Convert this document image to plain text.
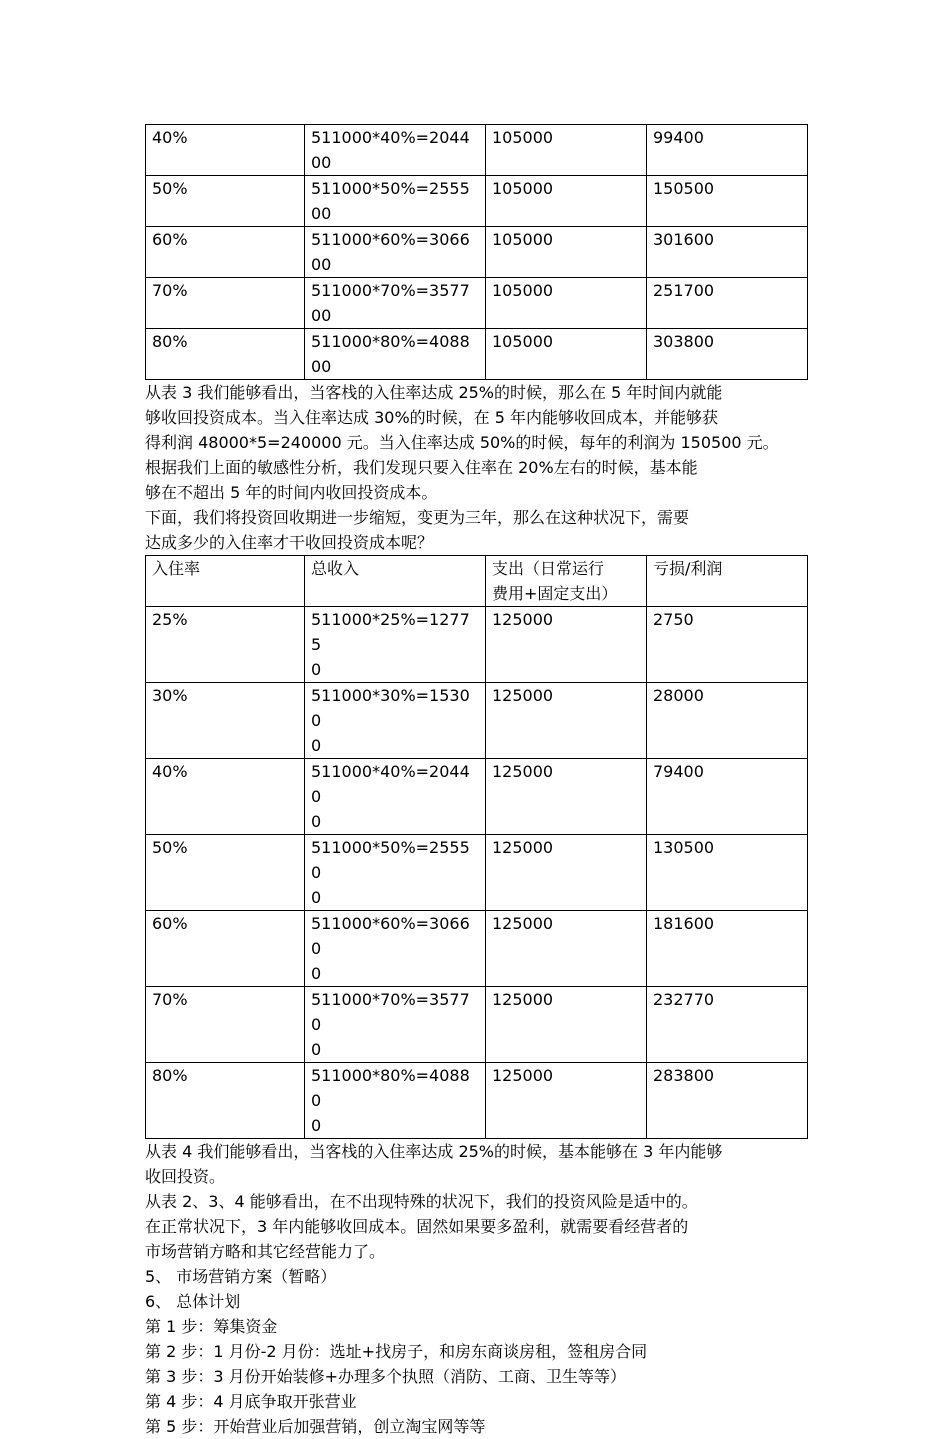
40%	511000*40%=204400	105000	99400
50%	511000*50%=255500	105000	150500
60%	511000*60%=306600	105000	301600
70%	511000*70%=357700	105000	251700
80%	511000*80%=408800	105000	303800

从表 3 我们能够看出，当客栈的入住率达成 25%的时候，那么在 5 年时间内就能

够收回投资成本。当入住率达成 30%的时候，在 5 年内能够收回成本，并能够获

得利润 48000*5=240000 元。当入住率达成 50%的时候，每年的利润为 150500 元。

根据我们上面的敏感性分析，我们发现只要入住率在 20%左右的时候，基本能

够在不超出 5 年的时间内收回投资成本。

下面，我们将投资回收期进一步缩短，变更为三年，那么在这种状况下，需要

达成多少的入住率才干收回投资成本呢？

入住率	总收入	支出（日常运行
费用+固定支出）	亏损/利润

25%	511000*25%=12775
0	125000	2750

30%	511000*30%=15300
0	125000	28000

40%	511000*40%=20440
0	125000	79400

50%	511000*50%=25550
0	125000	130500

60%	511000*60%=30660
0	125000	181600

70%	511000*70%=35770
0	125000	232770

80%	511000*80%=40880
0	125000	283800

从表 4 我们能够看出，当客栈的入住率达成 25%的时候，基本能够在 3 年内能够

收回投资。

从表 2、3、4 能够看出，在不出现特殊的状况下，我们的投资风险是适中的。

在正常状况下，3 年内能够收回成本。固然如果要多盈利，就需要看经营者的

市场营销方略和其它经营能力了。

5、 市场营销方案（暂略）

6、 总体计划

第 1 步：筹集资金

第 2 步：1 月份-2 月份：选址+找房子，和房东商谈房租，签租房合同

第 3 步：3 月份开始装修+办理多个执照（消防、工商、卫生等等）

第 4 步：4 月底争取开张营业

第 5 步：开始营业后加强营销，创立淘宝网等等
